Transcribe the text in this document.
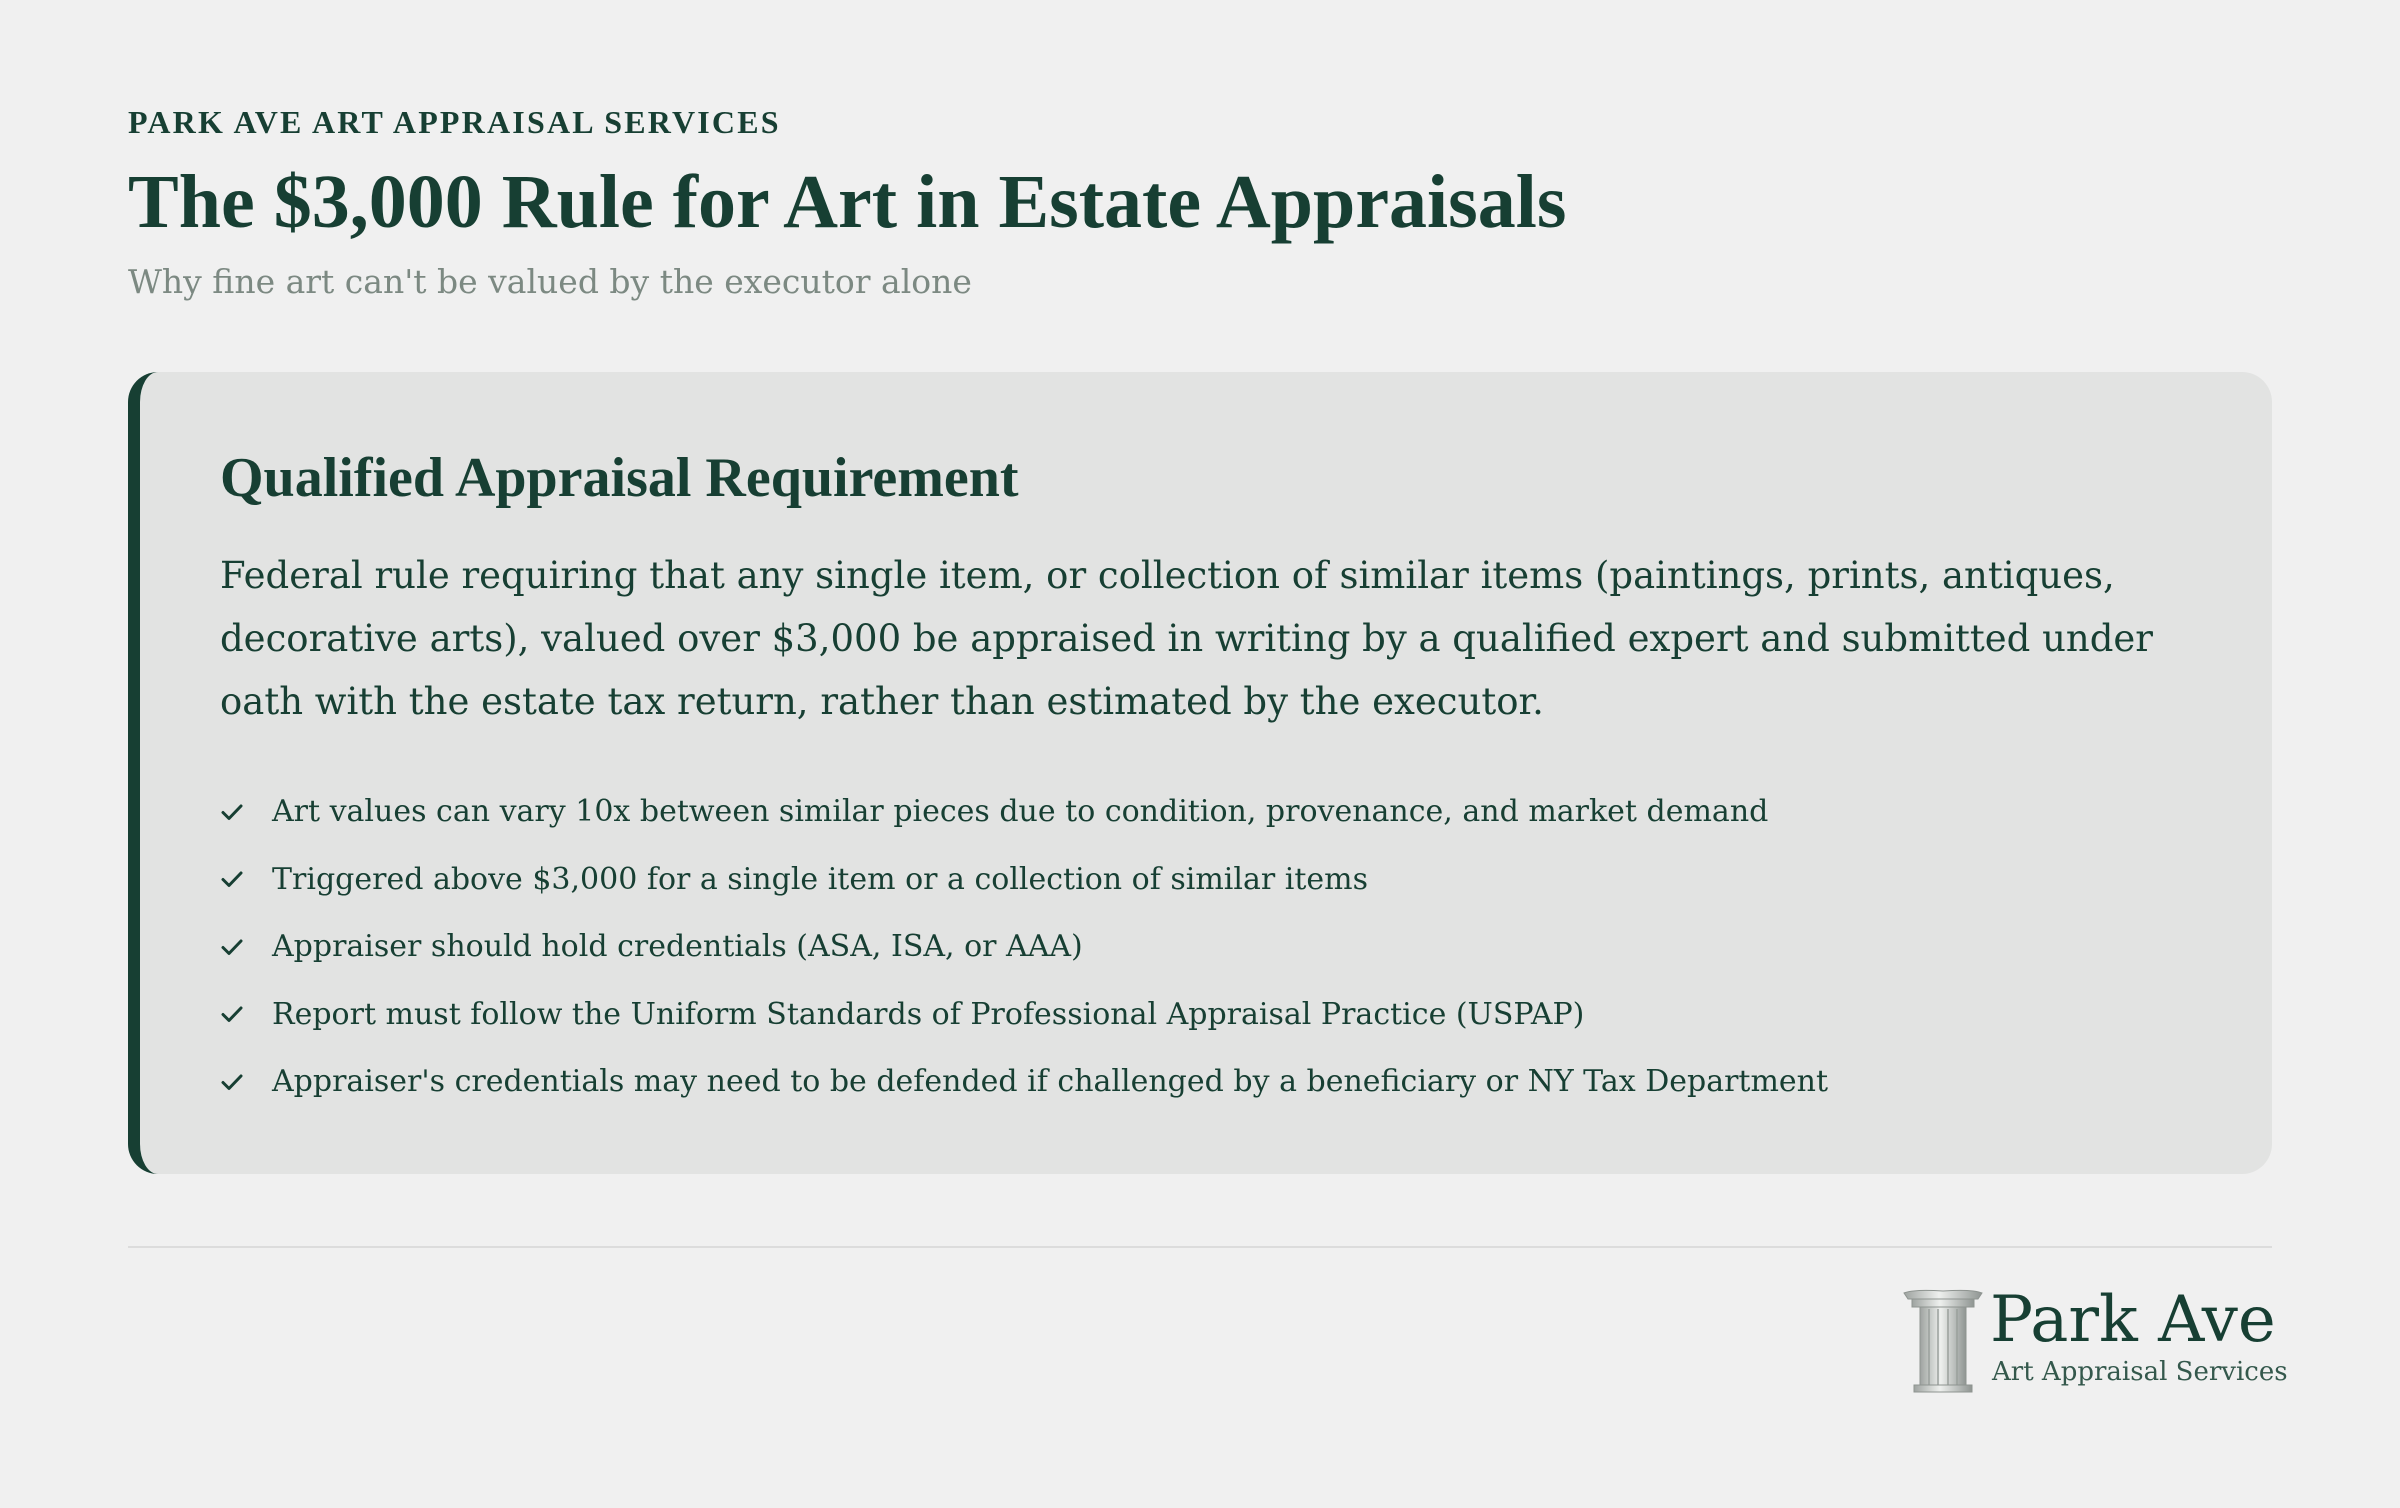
PARK AVE ART APPRAISAL SERVICES
The $3,000 Rule for Art in Estate Appraisals
Why fine art can't be valued by the executor alone
Qualified Appraisal Requirement

Federal rule requiring that any single item, or collection of similar items (paintings, prints, antiques, decorative arts), valued over $3,000 be appraised in writing by a qualified expert and submitted under oath with the estate tax return, rather than estimated by the executor.

Art values can vary 10x between similar pieces due to condition, provenance, and market demand
Triggered above $3,000 for a single item or a collection of similar items
Appraiser should hold credentials (ASA, ISA, or AAA)
Report must follow the Uniform Standards of Professional Appraisal Practice (USPAP)
Appraiser's credentials may need to be defended if challenged by a beneficiary or NY Tax Department
Park Ave
Art Appraisal Services
